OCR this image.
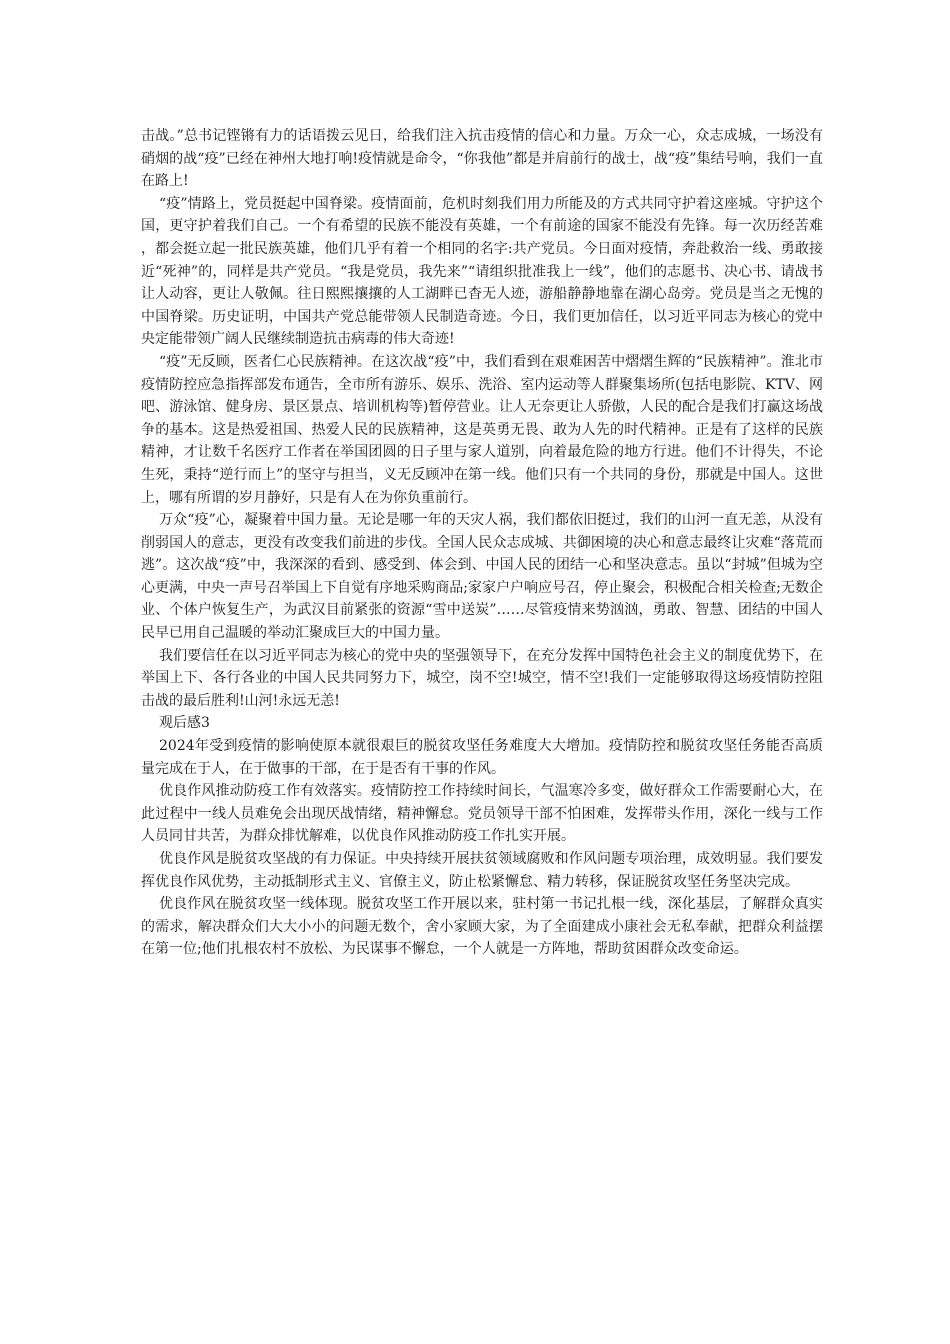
击战。”总书记铿锵有力的话语拨云见日，给我们注入抗击疫情的信心和力量。万众一心，众志成城，一场没有硝烟的战“疫”已经在神州大地打响!疫情就是命令，“你我他”都是并肩前行的战士，战“疫”集结号响，我们一直在路上!

“疫”情路上，党员挺起中国脊梁。疫情面前，危机时刻我们用力所能及的方式共同守护着这座城。守护这个国，更守护着我们自己。一个有希望的民族不能没有英雄，一个有前途的国家不能没有先锋。每一次历经苦难，都会挺立起一批民族英雄，他们几乎有着一个相同的名字:共产党员。今日面对疫情，奔赴救治一线、勇敢接近“死神”的，同样是共产党员。“我是党员，我先来”“请组织批准我上一线”，他们的志愿书、决心书、请战书让人动容，更让人敬佩。往日熙熙攘攘的人工湖畔已杳无人迹，游船静静地靠在湖心岛旁。党员是当之无愧的中国脊梁。历史证明，中国共产党总能带领人民制造奇迹。今日，我们更加信任，以习近平同志为核心的党中央定能带领广阔人民继续制造抗击病毒的伟大奇迹!

“疫”无反顾，医者仁心民族精神。在这次战“疫”中，我们看到在艰难困苦中熠熠生辉的“民族精神”。淮北市疫情防控应急指挥部发布通告，全市所有游乐、娱乐、洗浴、室内运动等人群聚集场所(包括电影院、KTV、网吧、游泳馆、健身房、景区景点、培训机构等)暂停营业。让人无奈更让人骄傲，人民的配合是我们打赢这场战争的基本。这是热爱祖国、热爱人民的民族精神，这是英勇无畏、敢为人先的时代精神。正是有了这样的民族精神，才让数千名医疗工作者在举国团圆的日子里与家人道别，向着最危险的地方行进。他们不计得失，不论生死，秉持“逆行而上”的坚守与担当，义无反顾冲在第一线。他们只有一个共同的身份，那就是中国人。这世上，哪有所谓的岁月静好，只是有人在为你负重前行。

万众“疫”心，凝聚着中国力量。无论是哪一年的天灾人祸，我们都依旧挺过，我们的山河一直无恙，从没有削弱国人的意志，更没有改变我们前进的步伐。全国人民众志成城、共御困境的决心和意志最终让灾难“落荒而逃”。这次战“疫”中，我深深的看到、感受到、体会到、中国人民的团结一心和坚决意志。虽以“封城”但城为空心更满，中央一声号召举国上下自觉有序地采购商品;家家户户响应号召，停止聚会，积极配合相关检查;无数企业、个体户恢复生产，为武汉目前紧张的资源“雪中送炭”……尽管疫情来势汹汹，勇敢、智慧、团结的中国人民早已用自己温暖的举动汇聚成巨大的中国力量。

我们要信任在以习近平同志为核心的党中央的坚强领导下，在充分发挥中国特色社会主义的制度优势下，在举国上下、各行各业的中国人民共同努力下，城空，岗不空!城空，情不空!我们一定能够取得这场疫情防控阻击战的最后胜利!山河!永远无恙!

观后感3

2024年受到疫情的影响使原本就很艰巨的脱贫攻坚任务难度大大增加。疫情防控和脱贫攻坚任务能否高质量完成在于人，在于做事的干部，在于是否有干事的作风。

优良作风推动防疫工作有效落实。疫情防控工作持续时间长，气温寒冷多变，做好群众工作需要耐心大，在此过程中一线人员难免会出现厌战情绪，精神懈怠。党员领导干部不怕困难，发挥带头作用，深化一线与工作人员同甘共苦，为群众排忧解难，以优良作风推动防疫工作扎实开展。

优良作风是脱贫攻坚战的有力保证。中央持续开展扶贫领域腐败和作风问题专项治理，成效明显。我们要发挥优良作风优势，主动抵制形式主义、官僚主义，防止松紧懈怠、精力转移，保证脱贫攻坚任务坚决完成。

优良作风在脱贫攻坚一线体现。脱贫攻坚工作开展以来，驻村第一书记扎根一线，深化基层，了解群众真实的需求，解决群众们大大小小的问题无数个，舍小家顾大家，为了全面建成小康社会无私奉献，把群众利益摆在第一位;他们扎根农村不放松、为民谋事不懈怠，一个人就是一方阵地，帮助贫困群众改变命运。
